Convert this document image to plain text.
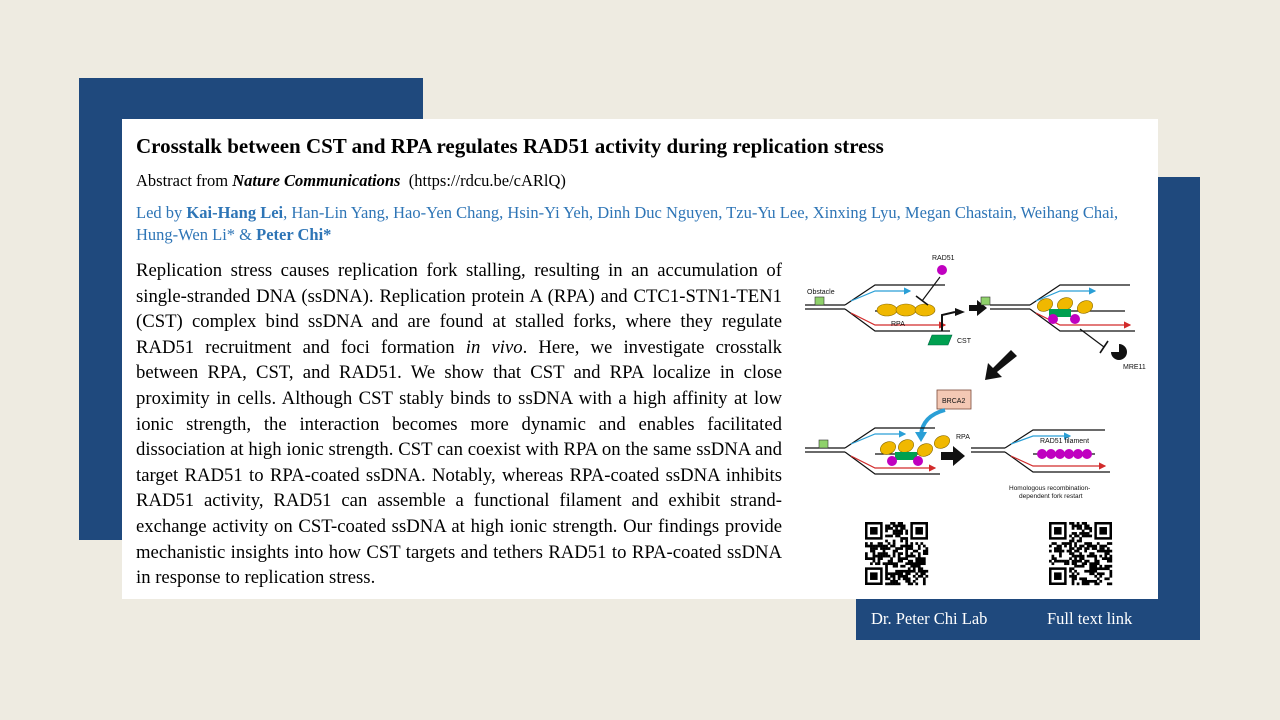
Crosstalk between CST and RPA regulates RAD51 activity during replication stress
Abstract from Nature Communications (https://rdcu.be/cARlQ)
Led by Kai-Hang Lei, Han-Lin Yang, Hao-Yen Chang, Hsin-Yi Yeh, Dinh Duc Nguyen, Tzu-Yu Lee, Xinxing Lyu, Megan Chastain, Weihang Chai, Hung-Wen Li* & Peter Chi*
Replication stress causes replication fork stalling, resulting in an accumulation of single-stranded DNA (ssDNA). Replication protein A (RPA) and CTC1-STN1-TEN1 (CST) complex bind ssDNA and are found at stalled forks, where they regulate RAD51 recruitment and foci formation in vivo. Here, we investigate crosstalk between RPA, CST, and RAD51. We show that CST and RPA localize in close proximity in cells. Although CST stably binds to ssDNA with a high affinity at low ionic strength, the interaction becomes more dynamic and enables facilitated dissociation at high ionic strength. CST can coexist with RPA on the same ssDNA and target RAD51 to RPA-coated ssDNA. Notably, whereas RPA-coated ssDNA inhibits RAD51 activity, RAD51 can assemble a functional filament and exhibit strand-exchange activity on CST-coated ssDNA at high ionic strength. Our findings provide mechanistic insights into how CST targets and tethers RAD51 to RPA-coated ssDNA in response to replication stress.
Obstacle
RPA
RAD51
CST
MRE11
BRCA2
RPA
RAD51 filament
Homologous recombination-
dependent fork restart
Dr. Peter Chi Lab	Full text link
